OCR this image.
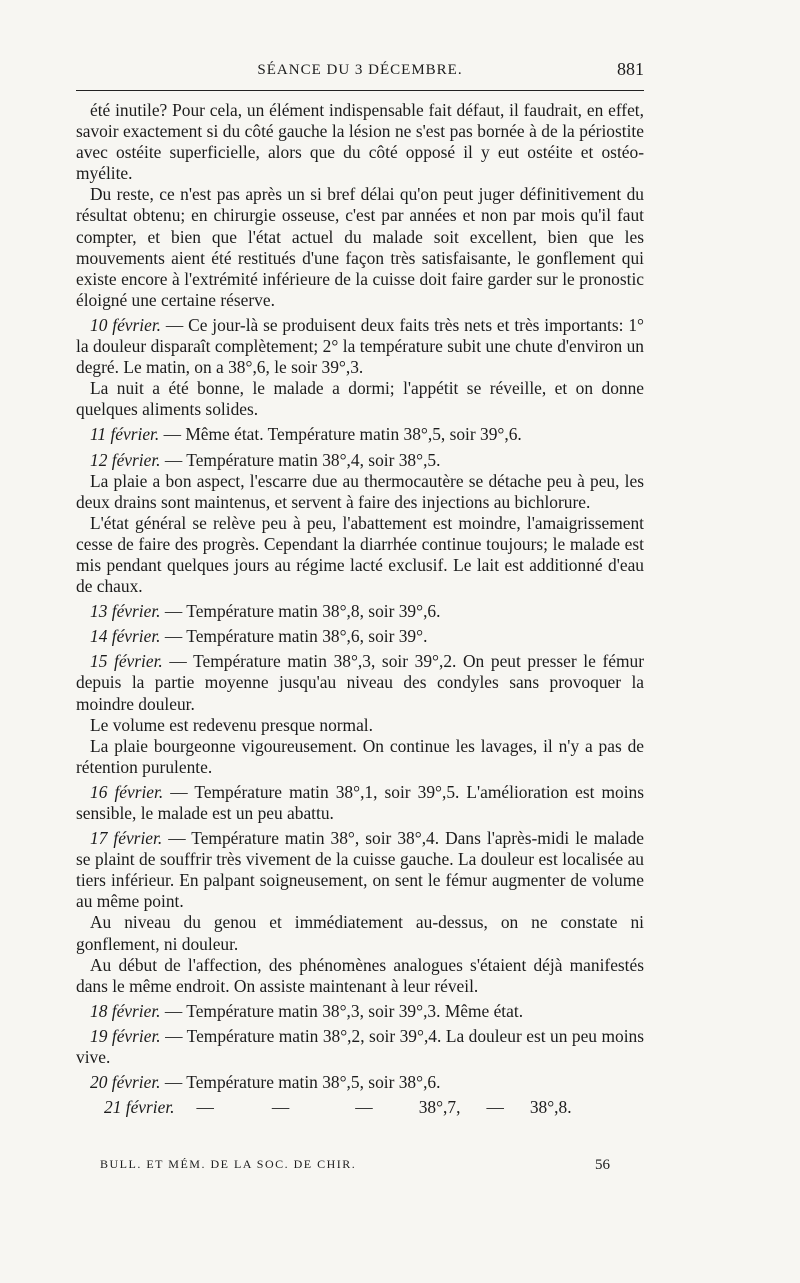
SÉANCE DU 3 DÉCEMBRE.	881

été inutile? Pour cela, un élément indispensable fait défaut, il faudrait, en effet, savoir exactement si du côté gauche la lésion ne s'est pas bornée à de la périostite avec ostéite superficielle, alors que du côté opposé il y eut ostéite et ostéo-myélite.

Du reste, ce n'est pas après un si bref délai qu'on peut juger définitivement du résultat obtenu; en chirurgie osseuse, c'est par années et non par mois qu'il faut compter, et bien que l'état actuel du malade soit excellent, bien que les mouvements aient été restitués d'une façon très satisfaisante, le gonflement qui existe encore à l'extrémité inférieure de la cuisse doit faire garder sur le pronostic éloigné une certaine réserve.

10 février. — Ce jour-là se produisent deux faits très nets et très importants: 1° la douleur disparaît complètement; 2° la température subit une chute d'environ un degré. Le matin, on a 38°,6, le soir 39°,3.

La nuit a été bonne, le malade a dormi; l'appétit se réveille, et on donne quelques aliments solides.

11 février. — Même état. Température matin 38°,5, soir 39°,6.

12 février. — Température matin 38°,4, soir 38°,5.

La plaie a bon aspect, l'escarre due au thermocautère se détache peu à peu, les deux drains sont maintenus, et servent à faire des injections au bichlorure.

L'état général se relève peu à peu, l'abattement est moindre, l'amaigrissement cesse de faire des progrès. Cependant la diarrhée continue toujours; le malade est mis pendant quelques jours au régime lacté exclusif. Le lait est additionné d'eau de chaux.

13 février. — Température matin 38°,8, soir 39°,6.

14 février. — Température matin 38°,6, soir 39°.

15 février. — Température matin 38°,3, soir 39°,2. On peut presser le fémur depuis la partie moyenne jusqu'au niveau des condyles sans provoquer la moindre douleur.

Le volume est redevenu presque normal.

La plaie bourgeonne vigoureusement. On continue les lavages, il n'y a pas de rétention purulente.

16 février. — Température matin 38°,1, soir 39°,5. L'amélioration est moins sensible, le malade est un peu abattu.

17 février. — Température matin 38°, soir 38°,4. Dans l'après-midi le malade se plaint de souffrir très vivement de la cuisse gauche. La douleur est localisée au tiers inférieur. En palpant soigneusement, on sent le fémur augmenter de volume au même point.

Au niveau du genou et immédiatement au-dessus, on ne constate ni gonflement, ni douleur.

Au début de l'affection, des phénomènes analogues s'étaient déjà manifestés dans le même endroit. On assiste maintenant à leur réveil.

18 février. — Température matin 38°,3, soir 39°,3. Même état.

19 février. — Température matin 38°,2, soir 39°,4. La douleur est un peu moins vive.

20 février. — Température matin 38°,5, soir 38°,6.

21 février. —	—	—	38°,7, — 38°,8.

BULL. ET MÉM. DE LA SOC. DE CHIR.	56
